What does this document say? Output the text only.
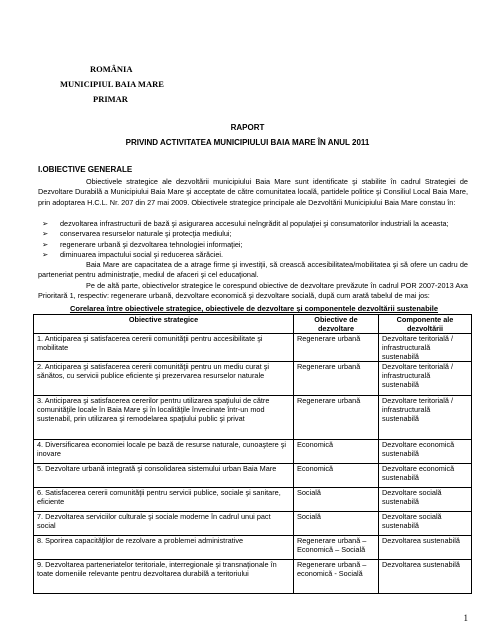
ROMÂNIA
MUNICIPIUL BAIA MARE
PRIMAR
RAPORT
PRIVIND ACTIVITATEA MUNICIPIULUI BAIA MARE ÎN ANUL 2011
I.OBIECTIVE GENERALE
Obiectivele strategice ale dezvoltării municipiului Baia Mare sunt identificate şi stabilite în cadrul Strategiei de Dezvoltare Durabilă a Municipiului Baia Mare şi acceptate de către comunitatea locală, partidele politice şi Consiliul Local Baia Mare, prin adoptarea H.C.L. Nr. 207 din 27 mai 2009. Obiectivele strategice principale ale Dezvoltării Municipiului Baia Mare constau în:
➢ dezvoltarea infrastructurii de bază şi asigurarea accesului neîngrădit al populaţiei şi consumatorilor industriali la aceasta;
➢ conservarea resurselor naturale şi protecţia mediului;
➢ regenerare urbană şi dezvoltarea tehnologiei informaţiei;
➢ diminuarea impactului social şi reducerea sărăciei.
Baia Mare are capacitatea de a atrage firme şi investiţii, să crească accesibilitatea/mobilitatea şi să ofere un cadru de parteneriat pentru administraţie, mediul de afaceri şi cel educaţional.
Pe de altă parte, obiectivelor strategice le corespund obiective de dezvoltare prevăzute în cadrul POR 2007-2013 Axa Prioritară 1, respectiv: regenerare urbană, dezvoltare economică şi dezvoltare socială, după cum arată tabelul de mai jos:
Corelarea între obiectivele strategice, obiectivele de dezvoltare şi componentele dezvoltării sustenabile
Obiective strategice	Obiective de dezvoltare	Componente ale dezvoltării
1. Anticiparea şi satisfacerea cererii comunităţii pentru accesibilitate şi mobilitate	Regenerare urbană	Dezvoltare teritorială / infrastructurală sustenabilă
2. Anticiparea şi satisfacerea cererii comunităţii pentru un mediu curat şi sănătos, cu servicii publice eficiente şi prezervarea resurselor naturale	Regenerare urbană	Dezvoltare teritorială / infrastructurală sustenabilă
3. Anticiparea şi satisfacerea cererilor pentru utilizarea spaţiului de către comunităţile locale în Baia Mare şi în localităţile învecinate într-un mod sustenabil, prin utilizarea şi remodelarea spaţiului public şi privat	Regenerare urbană	Dezvoltare teritorială / infrastructurală sustenabilă
4. Diversificarea economiei locale pe bază de resurse naturale, cunoaştere şi inovare	Economică	Dezvoltare economică sustenabilă
5. Dezvoltare urbană integrată şi consolidarea sistemului urban Baia Mare	Economică	Dezvoltare economică sustenabilă
6. Satisfacerea cererii comunităţii pentru servicii publice, sociale şi sanitare, eficiente	Socială	Dezvoltare socială sustenabilă
7. Dezvoltarea serviciilor culturale şi sociale moderne în cadrul unui pact social	Socială	Dezvoltare socială sustenabilă
8. Sporirea capacităţilor de rezolvare a problemei administrative	Regenerare urbană – Economică – Socială	Dezvoltarea sustenabilă
9. Dezvoltarea parteneriatelor teritoriale, interregionale şi transnaţionale în toate domeniile relevante pentru dezvoltarea durabilă a teritoriului	Regenerare urbană – economică - Socială	Dezvoltarea sustenabilă
1
